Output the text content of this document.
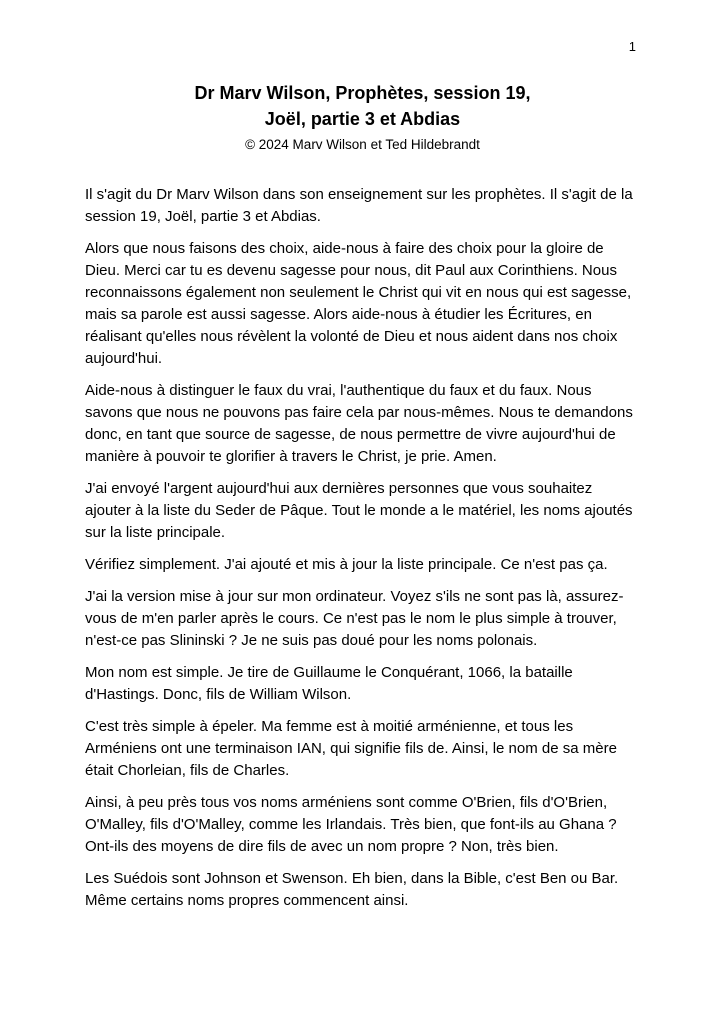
1
Dr Marv Wilson, Prophètes, session 19,
Joël, partie 3 et Abdias
© 2024 Marv Wilson et Ted Hildebrandt

Il s'agit du Dr Marv Wilson dans son enseignement sur les prophètes. Il s'agit de la session 19, Joël, partie 3 et Abdias.

Alors que nous faisons des choix, aide-nous à faire des choix pour la gloire de Dieu. Merci car tu es devenu sagesse pour nous, dit Paul aux Corinthiens. Nous reconnaissons également non seulement le Christ qui vit en nous qui est sagesse, mais sa parole est aussi sagesse. Alors aide-nous à étudier les Écritures, en réalisant qu'elles nous révèlent la volonté de Dieu et nous aident dans nos choix aujourd'hui.

Aide-nous à distinguer le faux du vrai, l'authentique du faux et du faux. Nous savons que nous ne pouvons pas faire cela par nous-mêmes. Nous te demandons donc, en tant que source de sagesse, de nous permettre de vivre aujourd'hui de manière à pouvoir te glorifier à travers le Christ, je prie. Amen.

J'ai envoyé l'argent aujourd'hui aux dernières personnes que vous souhaitez ajouter à la liste du Seder de Pâque. Tout le monde a le matériel, les noms ajoutés sur la liste principale.

Vérifiez simplement. J'ai ajouté et mis à jour la liste principale. Ce n'est pas ça.

J'ai la version mise à jour sur mon ordinateur. Voyez s'ils ne sont pas là, assurez-vous de m'en parler après le cours. Ce n'est pas le nom le plus simple à trouver, n'est-ce pas Slininski ? Je ne suis pas doué pour les noms polonais.

Mon nom est simple. Je tire de Guillaume le Conquérant, 1066, la bataille d'Hastings. Donc, fils de William Wilson.

C'est très simple à épeler. Ma femme est à moitié arménienne, et tous les Arméniens ont une terminaison IAN, qui signifie fils de. Ainsi, le nom de sa mère était Chorleian, fils de Charles.

Ainsi, à peu près tous vos noms arméniens sont comme O'Brien, fils d'O'Brien, O'Malley, fils d'O'Malley, comme les Irlandais. Très bien, que font-ils au Ghana ? Ont-ils des moyens de dire fils de avec un nom propre ? Non, très bien.

Les Suédois sont Johnson et Swenson. Eh bien, dans la Bible, c'est Ben ou Bar. Même certains noms propres commencent ainsi.
